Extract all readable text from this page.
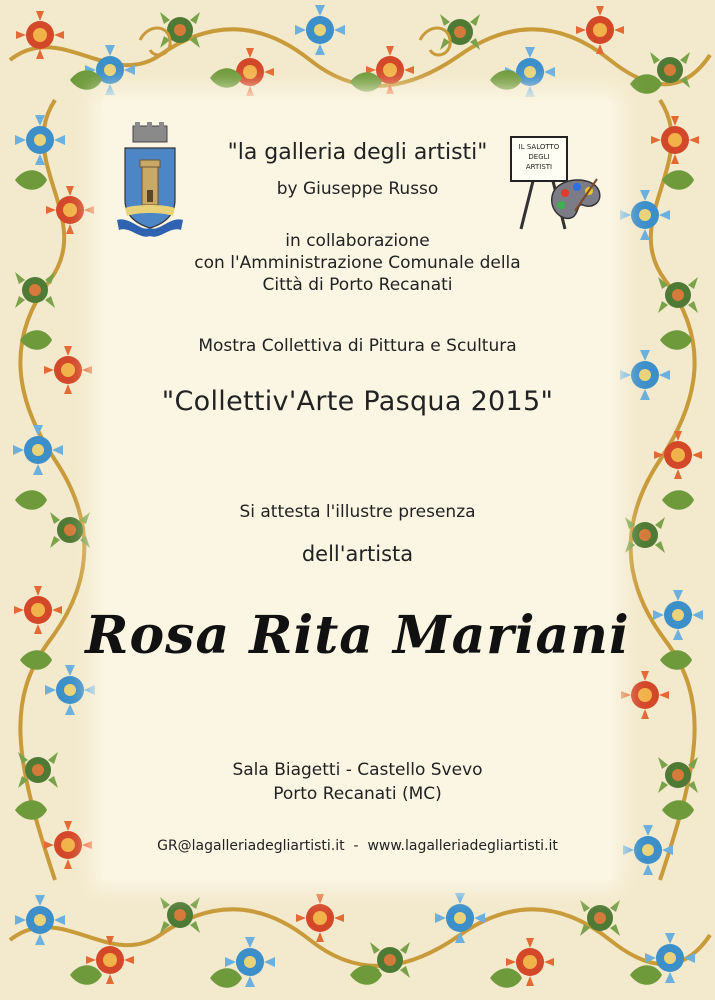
IL SALOTTO
DEGLI
ARTISTI
"la galleria degli artisti"
by Giuseppe Russo
in collaborazione
con l'Amministrazione Comunale della
Città di Porto Recanati
Mostra Collettiva di Pittura e Scultura
"Collettiv'Arte Pasqua 2015"
Si attesta l'illustre presenza
dell'artista
Rosa Rita Mariani
Sala Biagetti - Castello Svevo
Porto Recanati (MC)
GR@lagalleriadegliartisti.it  -  www.lagalleriadegliartisti.it
